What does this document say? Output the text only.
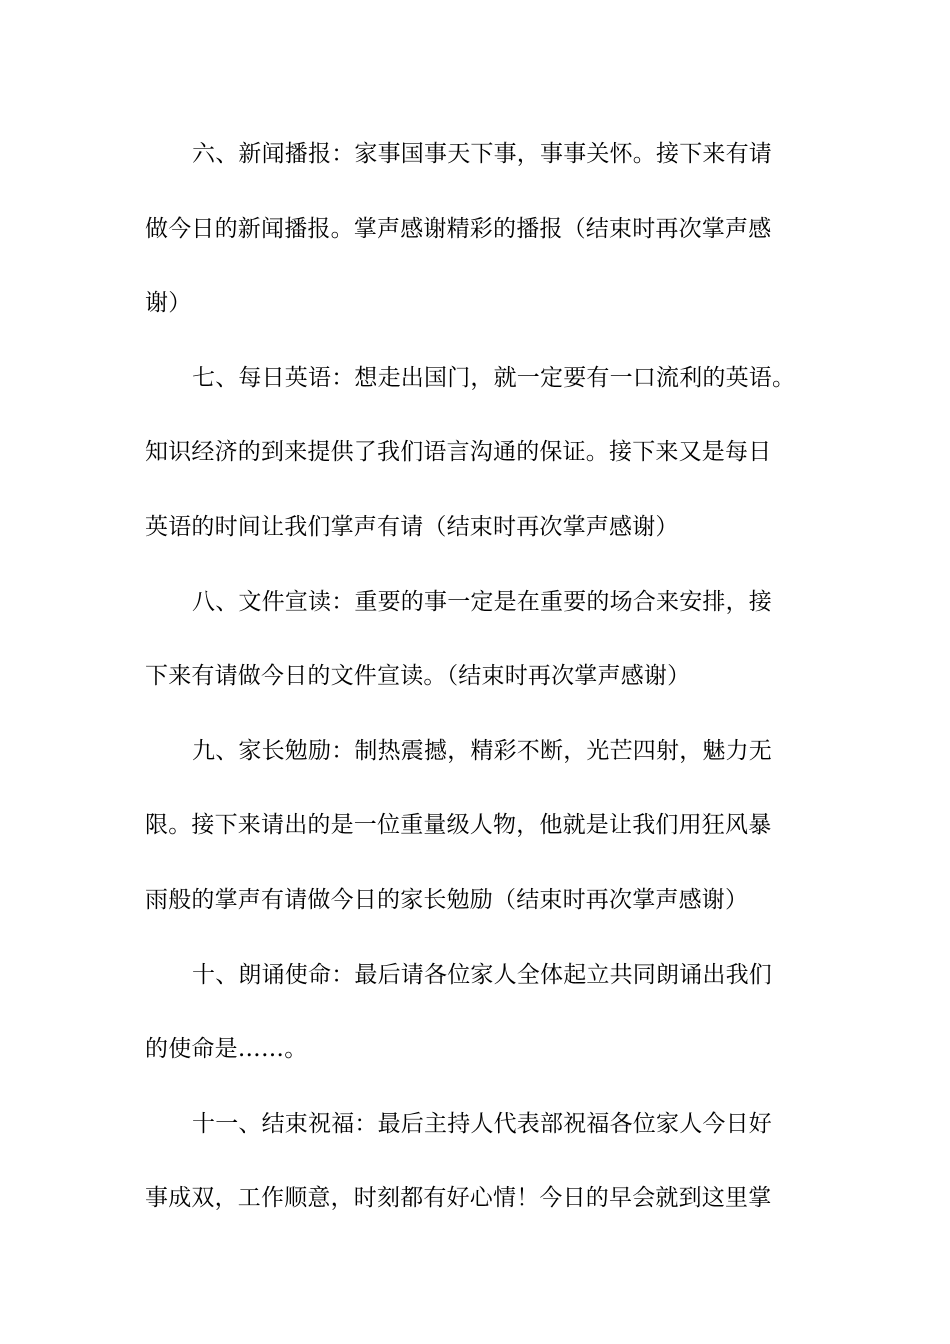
六、新闻播报：家事国事天下事，事事关怀。接下来有请
做今日的新闻播报。掌声感谢精彩的播报（结束时再次掌声感
谢）
七、每日英语：想走出国门，就一定要有一口流利的英语。
知识经济的到来提供了我们语言沟通的保证。接下来又是每日
英语的时间让我们掌声有请（结束时再次掌声感谢）
八、文件宣读：重要的事一定是在重要的场合来安排，接
下来有请做今日的文件宣读。（结束时再次掌声感谢）
九、家长勉励：制热震撼，精彩不断，光芒四射，魅力无
限。接下来请出的是一位重量级人物，他就是让我们用狂风暴
雨般的掌声有请做今日的家长勉励（结束时再次掌声感谢）
十、朗诵使命：最后请各位家人全体起立共同朗诵出我们
的使命是……。
十一、结束祝福：最后主持人代表部祝福各位家人今日好
事成双，工作顺意，时刻都有好心情！今日的早会就到这里掌
